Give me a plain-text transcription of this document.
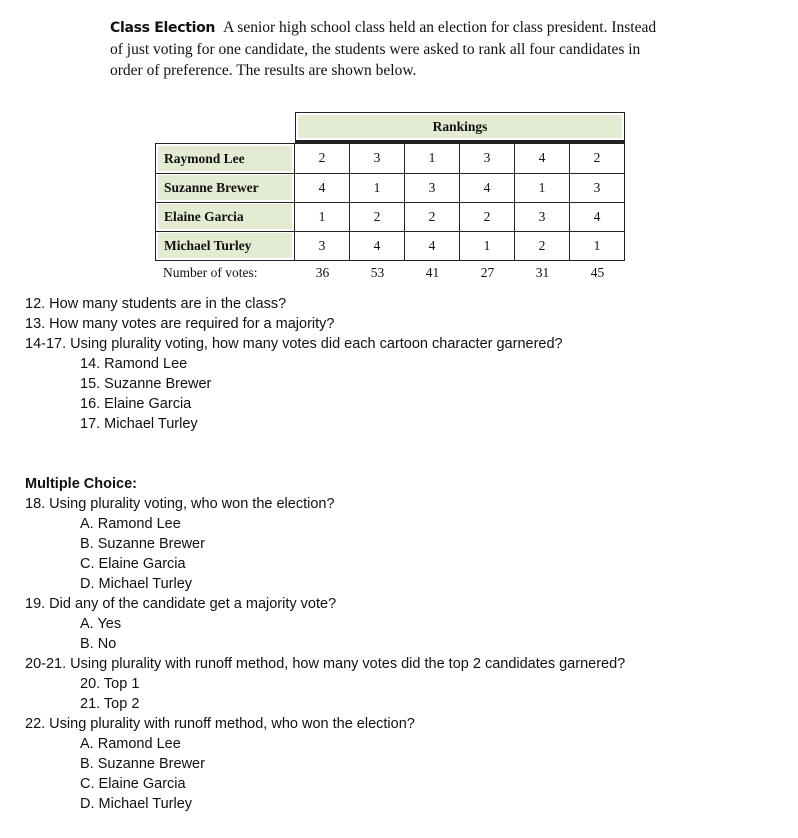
Class Election A senior high school class held an election for class president. Instead of just voting for one candidate, the students were asked to rank all four candidates in order of preference. The results are shown below.

	Rankings					

Raymond Lee	2	3	1	3	4	2

Suzanne Brewer	4	1	3	4	1	3

Elaine Garcia	1	2	2	2	3	4

Michael Turley	3	4	4	1	2	1
Number of votes:	36	53	41	27	31	45
12. How many students are in the class?
13. How many votes are required for a majority?
14-17. Using plurality voting, how many votes did each cartoon character garnered?
14. Ramond Lee
15. Suzanne Brewer
16. Elaine Garcia
17. Michael Turley

Multiple Choice:
18. Using plurality voting, who won the election?
A. Ramond Lee
B. Suzanne Brewer
C. Elaine Garcia
D. Michael Turley
19. Did any of the candidate get a majority vote?
A. Yes
B. No
20-21. Using plurality with runoff method, how many votes did the top 2 candidates garnered?
20. Top 1
21. Top 2
22. Using plurality with runoff method, who won the election?
A. Ramond Lee
B. Suzanne Brewer
C. Elaine Garcia
D. Michael Turley
